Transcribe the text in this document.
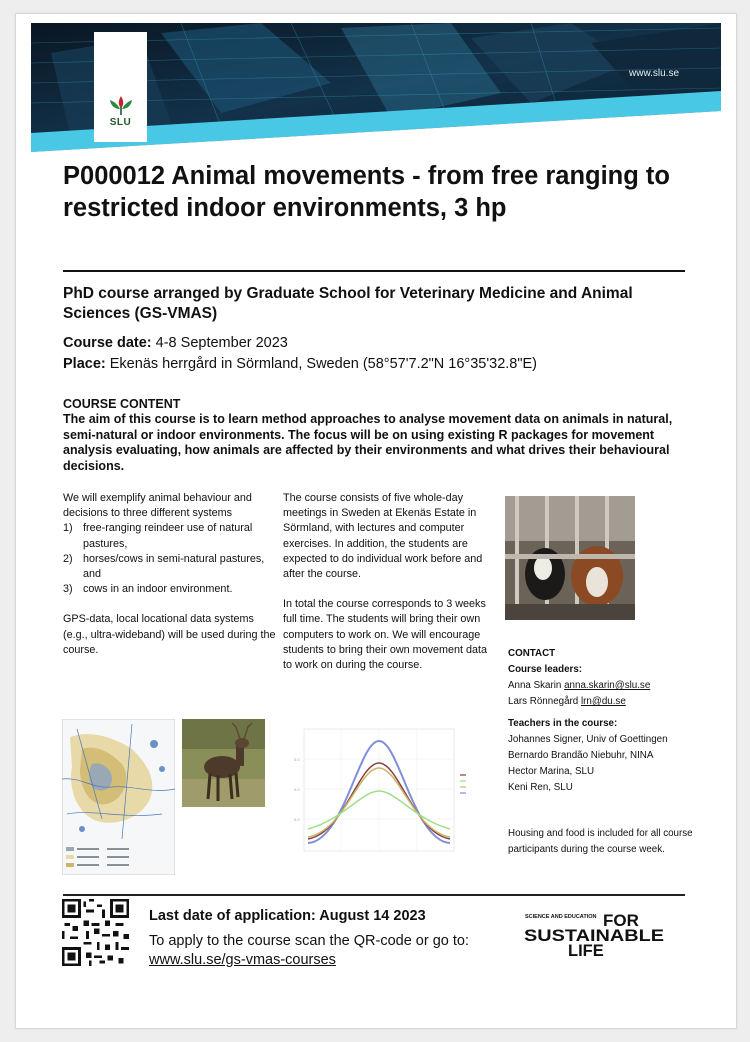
www.slu.se
SLU
P000012 Animal movements - from free ranging to restricted indoor environments, 3 hp
PhD course arranged by Graduate School for Veterinary Medicine and Animal Sciences (GS-VMAS)
Course date: 4-8 September 2023
Place: Ekenäs herrgård in Sörmland, Sweden (58°57'7.2"N 16°35'32.8"E)
COURSE CONTENT
The aim of this course is to learn method approaches to analyse movement data on animals in natural, semi-natural or indoor environments. The focus will be on using existing R packages for movement analysis evaluating, how animals are affected by their environments and what drives their behavioural decisions.

We will exemplify animal behaviour and decisions to three different systems

1) free-ranging reindeer use of natural pastures,
2) horses/cows in semi-natural pastures, and
3) cows in an indoor environment.

GPS-data, local locational data systems (e.g., ultra-wideband) will be used during the course.

The course consists of five whole-day meetings in Sweden at Ekenäs Estate in Sörmland, with lectures and computer exercises. In addition, the students are expected to do individual work before and after the course.

In total the course corresponds to 3 weeks full time. The students will bring their own computers to work on. We will encourage students to bring their own movement data to work on during the course.

CONTACT
Course leaders:
Anna Skarin anna.skarin@slu.se
Lars Rönnegård lrn@du.se
Teachers in the course:
Johannes Signer, Univ of Goettingen
Bernardo Brandão Niebuhr, NINA
Hector Marina, SLU
Keni Ren, SLU
0.0
0.0
0.0
Housing and food is included for all course participants during the course week.
Last date of application: August 14 2023
To apply to the course scan the QR-code or go to: www.slu.se/gs-vmas-courses
SCIENCE AND EDUCATION FOR
SUSTAINABLE
LIFE
